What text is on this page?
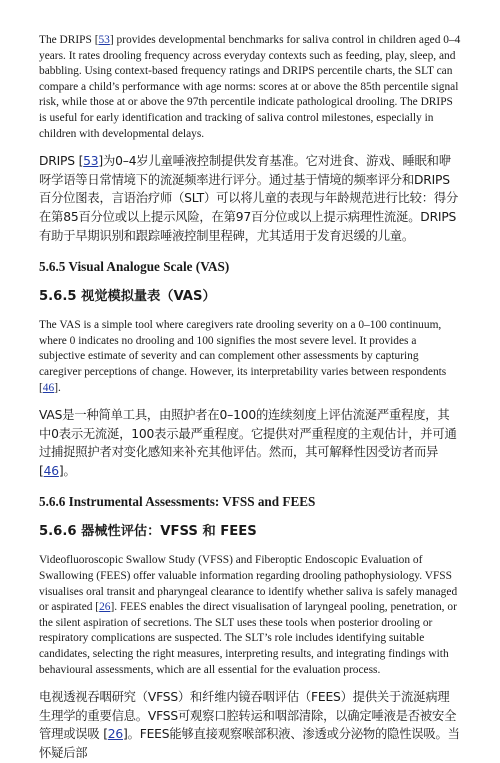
The DRIPS [53] provides developmental benchmarks for saliva control in children aged 0–4 years. It rates drooling frequency across everyday contexts such as feeding, play, sleep, and babbling. Using context-based frequency ratings and DRIPS percentile charts, the SLT can compare a child’s performance with age norms: scores at or above the 85th percentile signal risk, while those at or above the 97th percentile indicate pathological drooling. The DRIPS is useful for early identification and tracking of saliva control milestones, especially in children with developmental delays.

DRIPS [53]为0–4岁儿童唾液控制提供发育基准。它对进食、游戏、睡眠和咿呀学语等日常情境下的流涎频率进行评分。通过基于情境的频率评分和DRIPS百分位图表，言语治疗师（SLT）可以将儿童的表现与年龄规范进行比较：得分在第85百分位或以上提示风险，在第97百分位或以上提示病理性流涎。DRIPS有助于早期识别和跟踪唾液控制里程碑，尤其适用于发育迟缓的儿童。

5.6.5 Visual Analogue Scale (VAS)
5.6.5 视觉模拟量表（VAS）

The VAS is a simple tool where caregivers rate drooling severity on a 0–100 continuum, where 0 indicates no drooling and 100 signifies the most severe level. It provides a subjective estimate of severity and can complement other assessments by capturing caregiver perceptions of change. However, its interpretability varies between respondents [46].

VAS是一种简单工具，由照护者在0–100的连续刻度上评估流涎严重程度，其中0表示无流涎，100表示最严重程度。它提供对严重程度的主观估计，并可通过捕捉照护者对变化感知来补充其他评估。然而，其可解释性因受访者而异 [46]。

5.6.6 Instrumental Assessments: VFSS and FEES
5.6.6 器械性评估：VFSS 和 FEES

Videofluoroscopic Swallow Study (VFSS) and Fiberoptic Endoscopic Evaluation of Swallowing (FEES) offer valuable information regarding drooling pathophysiology. VFSS visualises oral transit and pharyngeal clearance to identify whether saliva is safely managed or aspirated [26]. FEES enables the direct visualisation of laryngeal pooling, penetration, or the silent aspiration of secretions. The SLT uses these tools when posterior drooling or respiratory complications are suspected. The SLT’s role includes identifying suitable candidates, selecting the right measures, interpreting results, and integrating findings with behavioural assessments, which are all essential for the evaluation process.

电视透视吞咽研究（VFSS）和纤维内镜吞咽评估（FEES）提供关于流涎病理生理学的重要信息。VFSS可观察口腔转运和咽部清除，以确定唾液是否被安全管理或误吸 [26]。FEES能够直接观察喉部积液、渗透或分泌物的隐性误吸。当怀疑后部
